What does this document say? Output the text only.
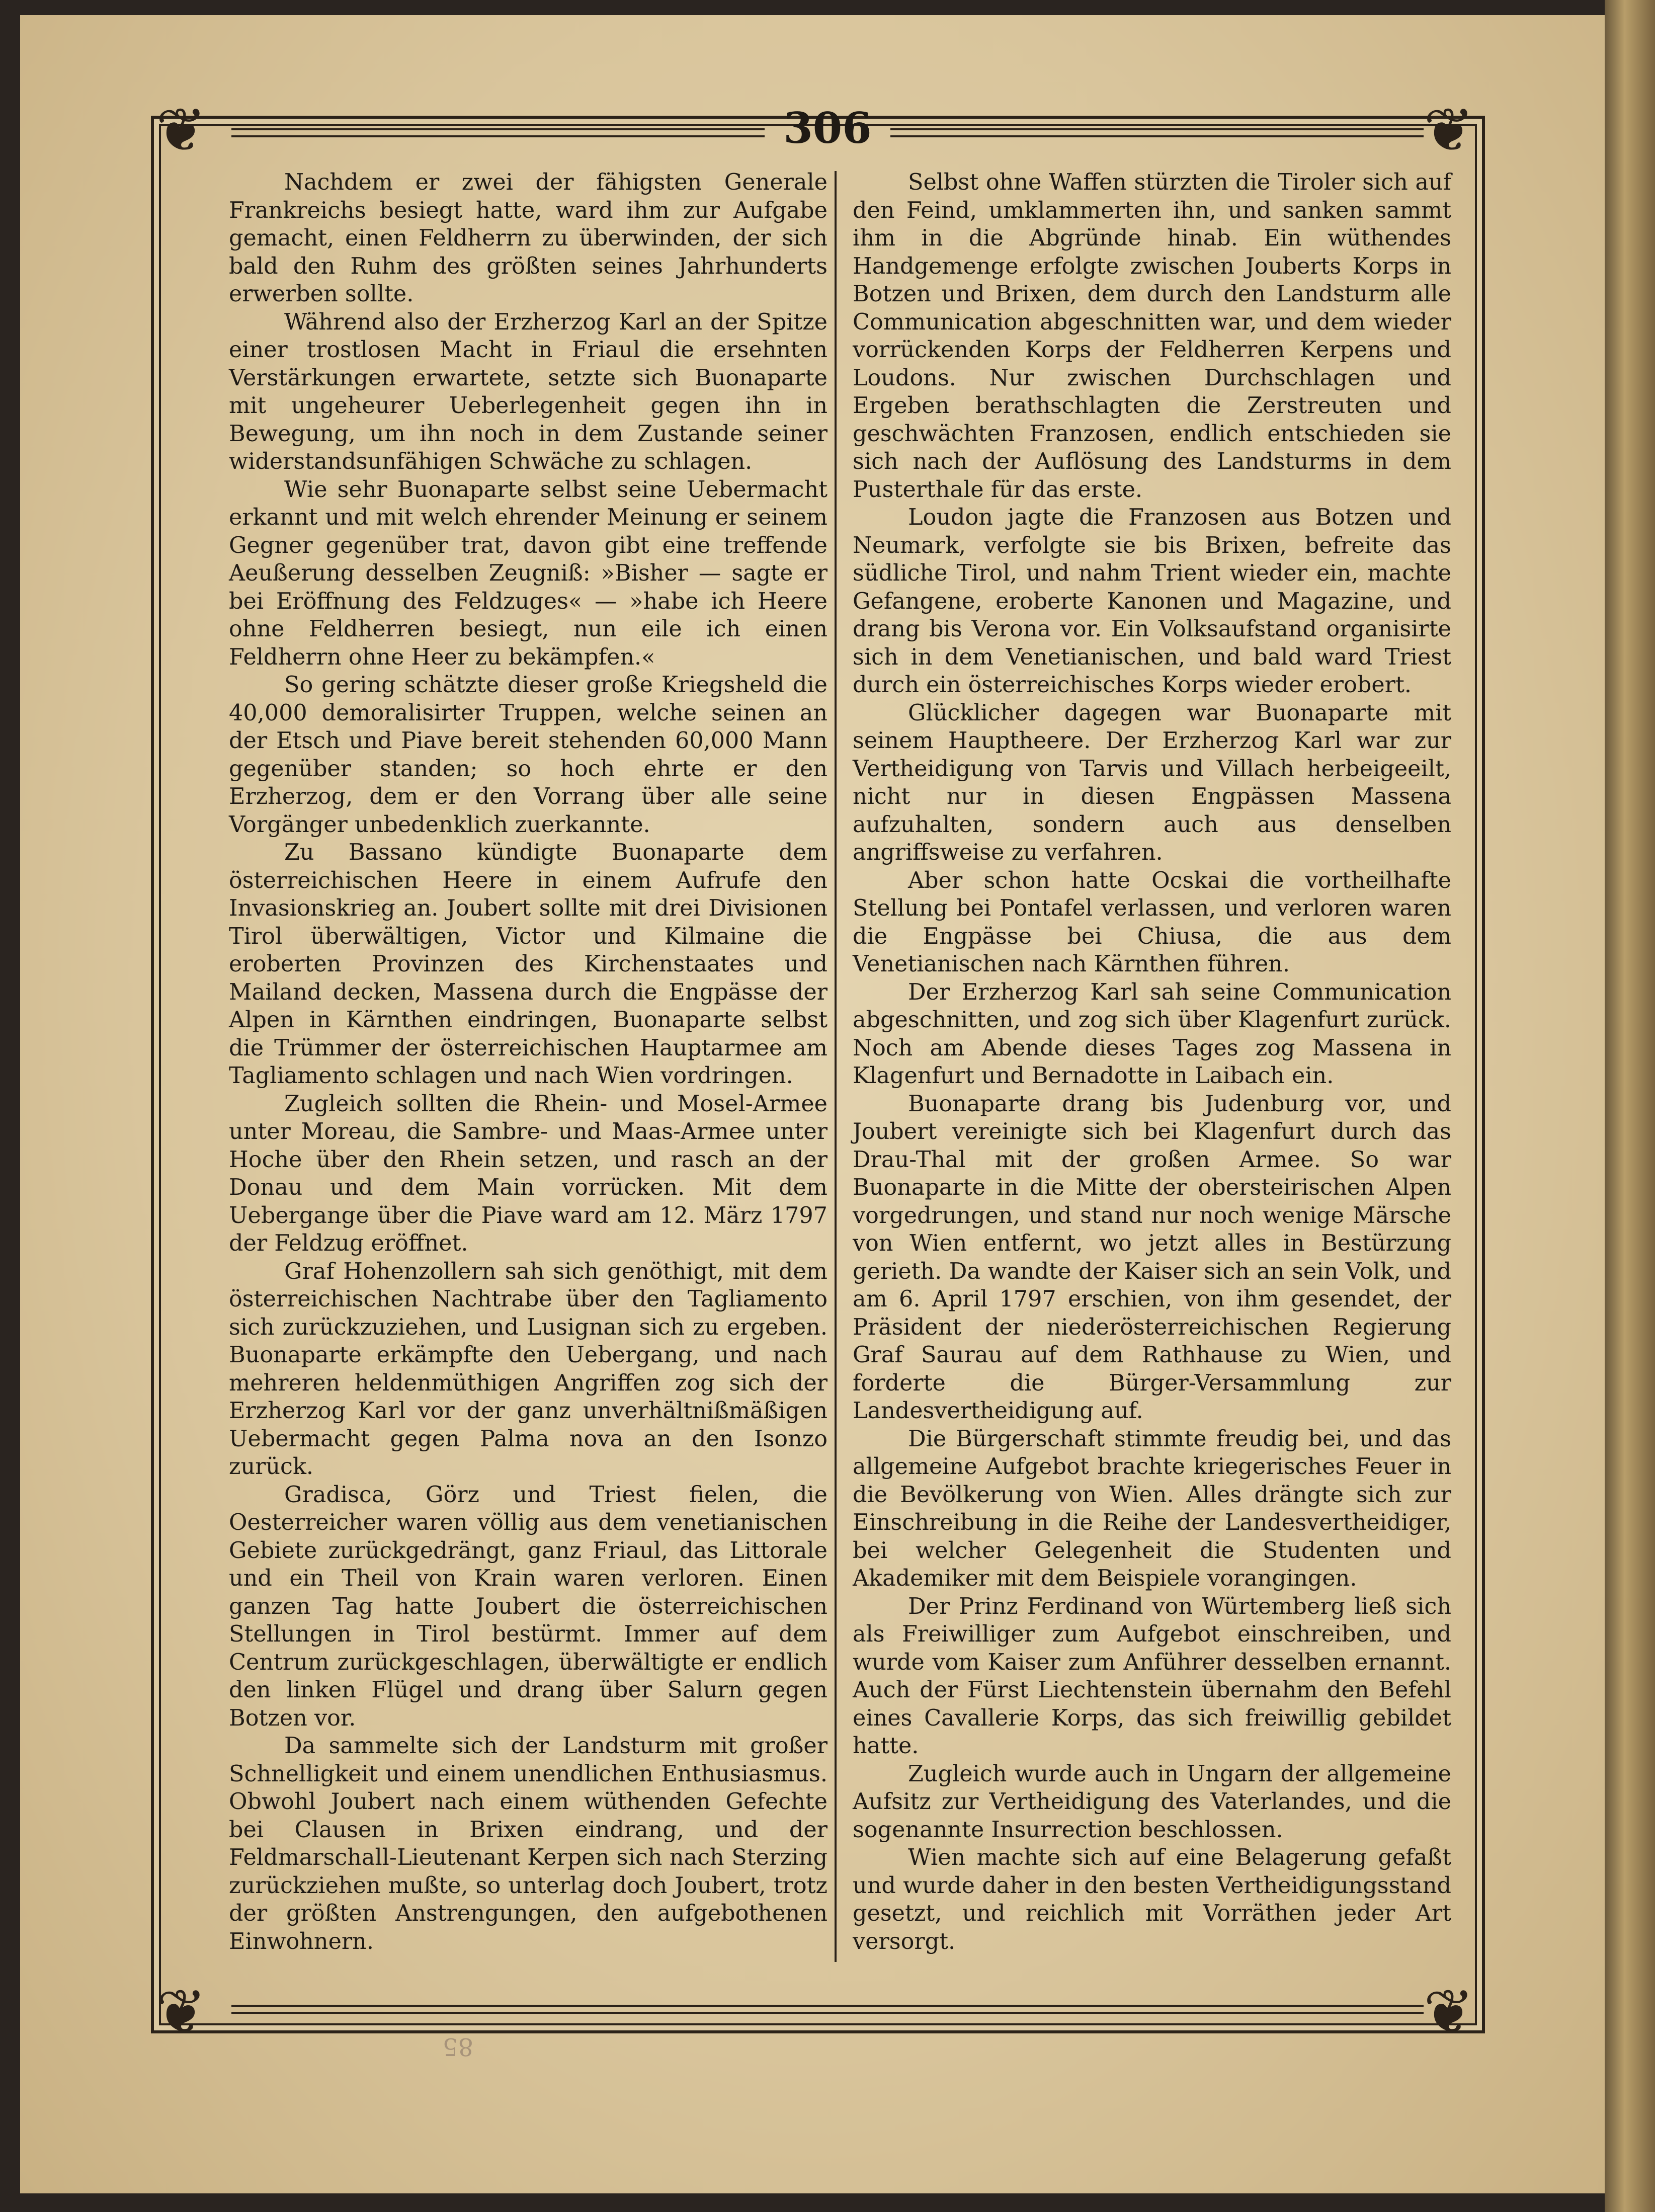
❦	❦
❦	❦
306

Nachdem er zwei der fähigsten Generale Frankreichs besiegt hatte, ward ihm zur Aufgabe gemacht, einen Feldherrn zu überwinden, der sich bald den Ruhm des größten seines Jahrhunderts erwerben sollte.

Während also der Erzherzog Karl an der Spitze einer trostlosen Macht in Friaul die ersehnten Verstärkungen erwartete, setzte sich Buonaparte mit ungeheurer Ueberlegenheit gegen ihn in Bewegung, um ihn noch in dem Zustande seiner widerstandsunfähigen Schwäche zu schlagen.

Wie sehr Buonaparte selbst seine Uebermacht erkannt und mit welch ehrender Meinung er seinem Gegner gegenüber trat, davon gibt eine treffende Aeußerung desselben Zeugniß: »Bisher — sagte er bei Eröffnung des Feldzuges« — »habe ich Heere ohne Feldherren besiegt, nun eile ich einen Feldherrn ohne Heer zu bekämpfen.«

So gering schätzte dieser große Kriegsheld die 40,000 demoralisirter Truppen, welche seinen an der Etsch und Piave bereit stehenden 60,000 Mann gegenüber standen; so hoch ehrte er den Erzherzog, dem er den Vorrang über alle seine Vorgänger unbedenklich zuerkannte.

Zu Bassano kündigte Buonaparte dem österreichischen Heere in einem Aufrufe den Invasionskrieg an. Joubert sollte mit drei Divisionen Tirol überwältigen, Victor und Kilmaine die eroberten Provinzen des Kirchenstaates und Mailand decken, Massena durch die Engpässe der Alpen in Kärnthen eindringen, Buonaparte selbst die Trümmer der österreichischen Hauptarmee am Tagliamento schlagen und nach Wien vordringen.

Zugleich sollten die Rhein- und Mosel-Armee unter Moreau, die Sambre- und Maas-Armee unter Hoche über den Rhein setzen, und rasch an der Donau und dem Main vorrücken. Mit dem Uebergange über die Piave ward am 12. März 1797 der Feldzug eröffnet.

Graf Hohenzollern sah sich genöthigt, mit dem österreichischen Nachtrabe über den Tagliamento sich zurückzuziehen, und Lusignan sich zu ergeben. Buonaparte erkämpfte den Uebergang, und nach mehreren heldenmüthigen Angriffen zog sich der Erzherzog Karl vor der ganz unverhältnißmäßigen Uebermacht gegen Palma nova an den Isonzo zurück.

Gradisca, Görz und Triest fielen, die Oesterreicher waren völlig aus dem venetianischen Gebiete zurückgedrängt, ganz Friaul, das Littorale und ein Theil von Krain waren verloren. Einen ganzen Tag hatte Joubert die österreichischen Stellungen in Tirol bestürmt. Immer auf dem Centrum zurückgeschlagen, überwältigte er endlich den linken Flügel und drang über Salurn gegen Botzen vor.

Da sammelte sich der Landsturm mit großer Schnelligkeit und einem unendlichen Enthusiasmus. Obwohl Joubert nach einem wüthenden Gefechte bei Clausen in Brixen eindrang, und der Feldmarschall-Lieutenant Kerpen sich nach Sterzing zurückziehen mußte, so unterlag doch Joubert, trotz der größten Anstrengungen, den aufgebothenen Einwohnern.

Selbst ohne Waffen stürzten die Tiroler sich auf den Feind, umklammerten ihn, und sanken sammt ihm in die Abgründe hinab. Ein wüthendes Handgemenge erfolgte zwischen Jouberts Korps in Botzen und Brixen, dem durch den Landsturm alle Communication abgeschnitten war, und dem wieder vorrückenden Korps der Feldherren Kerpens und Loudons. Nur zwischen Durchschlagen und Ergeben berathschlagten die Zerstreuten und geschwächten Franzosen, endlich entschieden sie sich nach der Auflösung des Landsturms in dem Pusterthale für das erste.

Loudon jagte die Franzosen aus Botzen und Neumark, verfolgte sie bis Brixen, befreite das südliche Tirol, und nahm Trient wieder ein, machte Gefangene, eroberte Kanonen und Magazine, und drang bis Verona vor. Ein Volksaufstand organisirte sich in dem Venetianischen, und bald ward Triest durch ein österreichisches Korps wieder erobert.

Glücklicher dagegen war Buonaparte mit seinem Hauptheere. Der Erzherzog Karl war zur Vertheidigung von Tarvis und Villach herbeigeeilt, nicht nur in diesen Engpässen Massena aufzuhalten, sondern auch aus denselben angriffsweise zu verfahren.

Aber schon hatte Ocskai die vortheilhafte Stellung bei Pontafel verlassen, und verloren waren die Engpässe bei Chiusa, die aus dem Venetianischen nach Kärnthen führen.

Der Erzherzog Karl sah seine Communication abgeschnitten, und zog sich über Klagenfurt zurück. Noch am Abende dieses Tages zog Massena in Klagenfurt und Bernadotte in Laibach ein.

Buonaparte drang bis Judenburg vor, und Joubert vereinigte sich bei Klagenfurt durch das Drau-Thal mit der großen Armee. So war Buonaparte in die Mitte der obersteirischen Alpen vorgedrungen, und stand nur noch wenige Märsche von Wien entfernt, wo jetzt alles in Bestürzung gerieth. Da wandte der Kaiser sich an sein Volk, und am 6. April 1797 erschien, von ihm gesendet, der Präsident der niederösterreichischen Regierung Graf Saurau auf dem Rathhause zu Wien, und forderte die Bürger-Versammlung zur Landesvertheidigung auf.

Die Bürgerschaft stimmte freudig bei, und das allgemeine Aufgebot brachte kriegerisches Feuer in die Bevölkerung von Wien. Alles drängte sich zur Einschreibung in die Reihe der Landesvertheidiger, bei welcher Gelegenheit die Studenten und Akademiker mit dem Beispiele vorangingen.

Der Prinz Ferdinand von Würtemberg ließ sich als Freiwilliger zum Aufgebot einschreiben, und wurde vom Kaiser zum Anführer desselben ernannt. Auch der Fürst Liechtenstein übernahm den Befehl eines Cavallerie Korps, das sich freiwillig gebildet hatte.

Zugleich wurde auch in Ungarn der allgemeine Aufsitz zur Vertheidigung des Vaterlandes, und die sogenannte Insurrection beschlossen.

Wien machte sich auf eine Belagerung gefaßt und wurde daher in den besten Vertheidigungsstand gesetzt, und reichlich mit Vorräthen jeder Art versorgt.

85
